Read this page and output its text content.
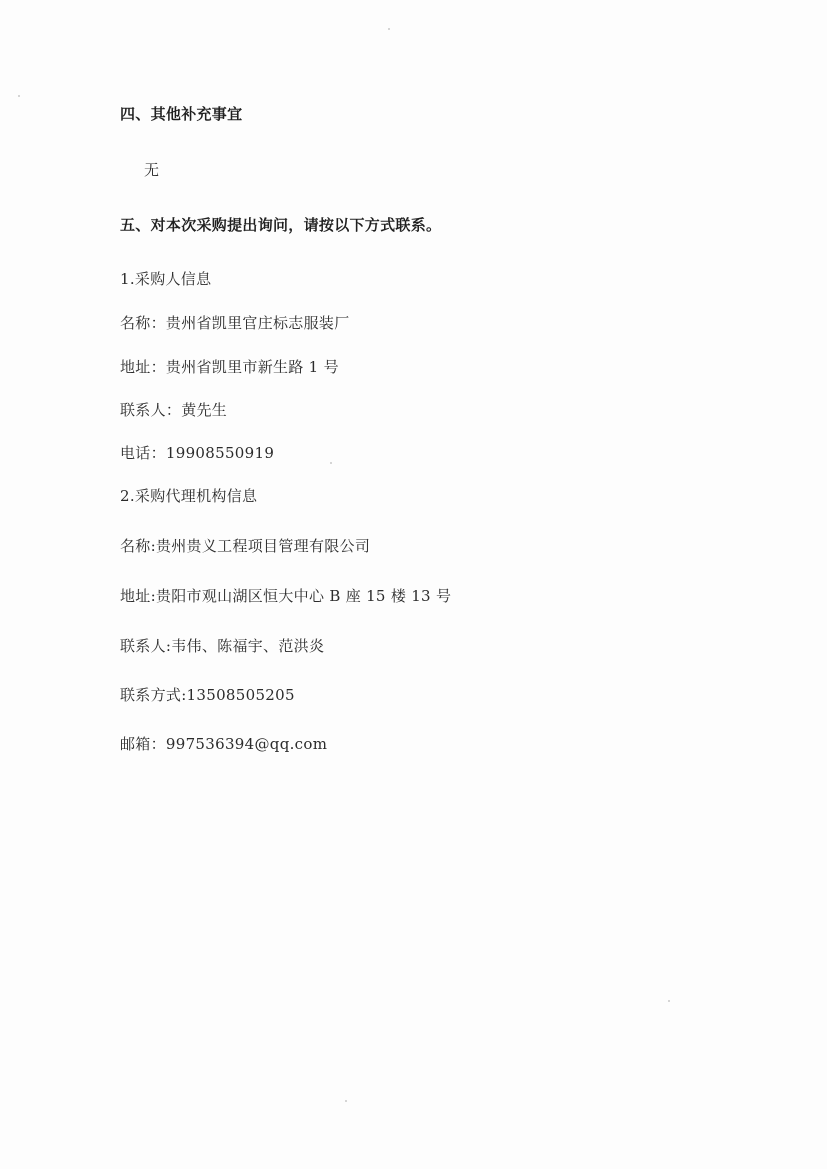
四、其他补充事宜
无
五、对本次采购提出询问，请按以下方式联系。
1.采购人信息
名称：贵州省凯里官庄标志服装厂
地址：贵州省凯里市新生路 1 号
联系人：黄先生
电话：19908550919
2.采购代理机构信息
名称:贵州贵义工程项目管理有限公司
地址:贵阳市观山湖区恒大中心 B 座 15 楼 13 号
联系人:韦伟、陈福宇、范洪炎
联系方式:13508505205
邮箱：997536394@qq.com
